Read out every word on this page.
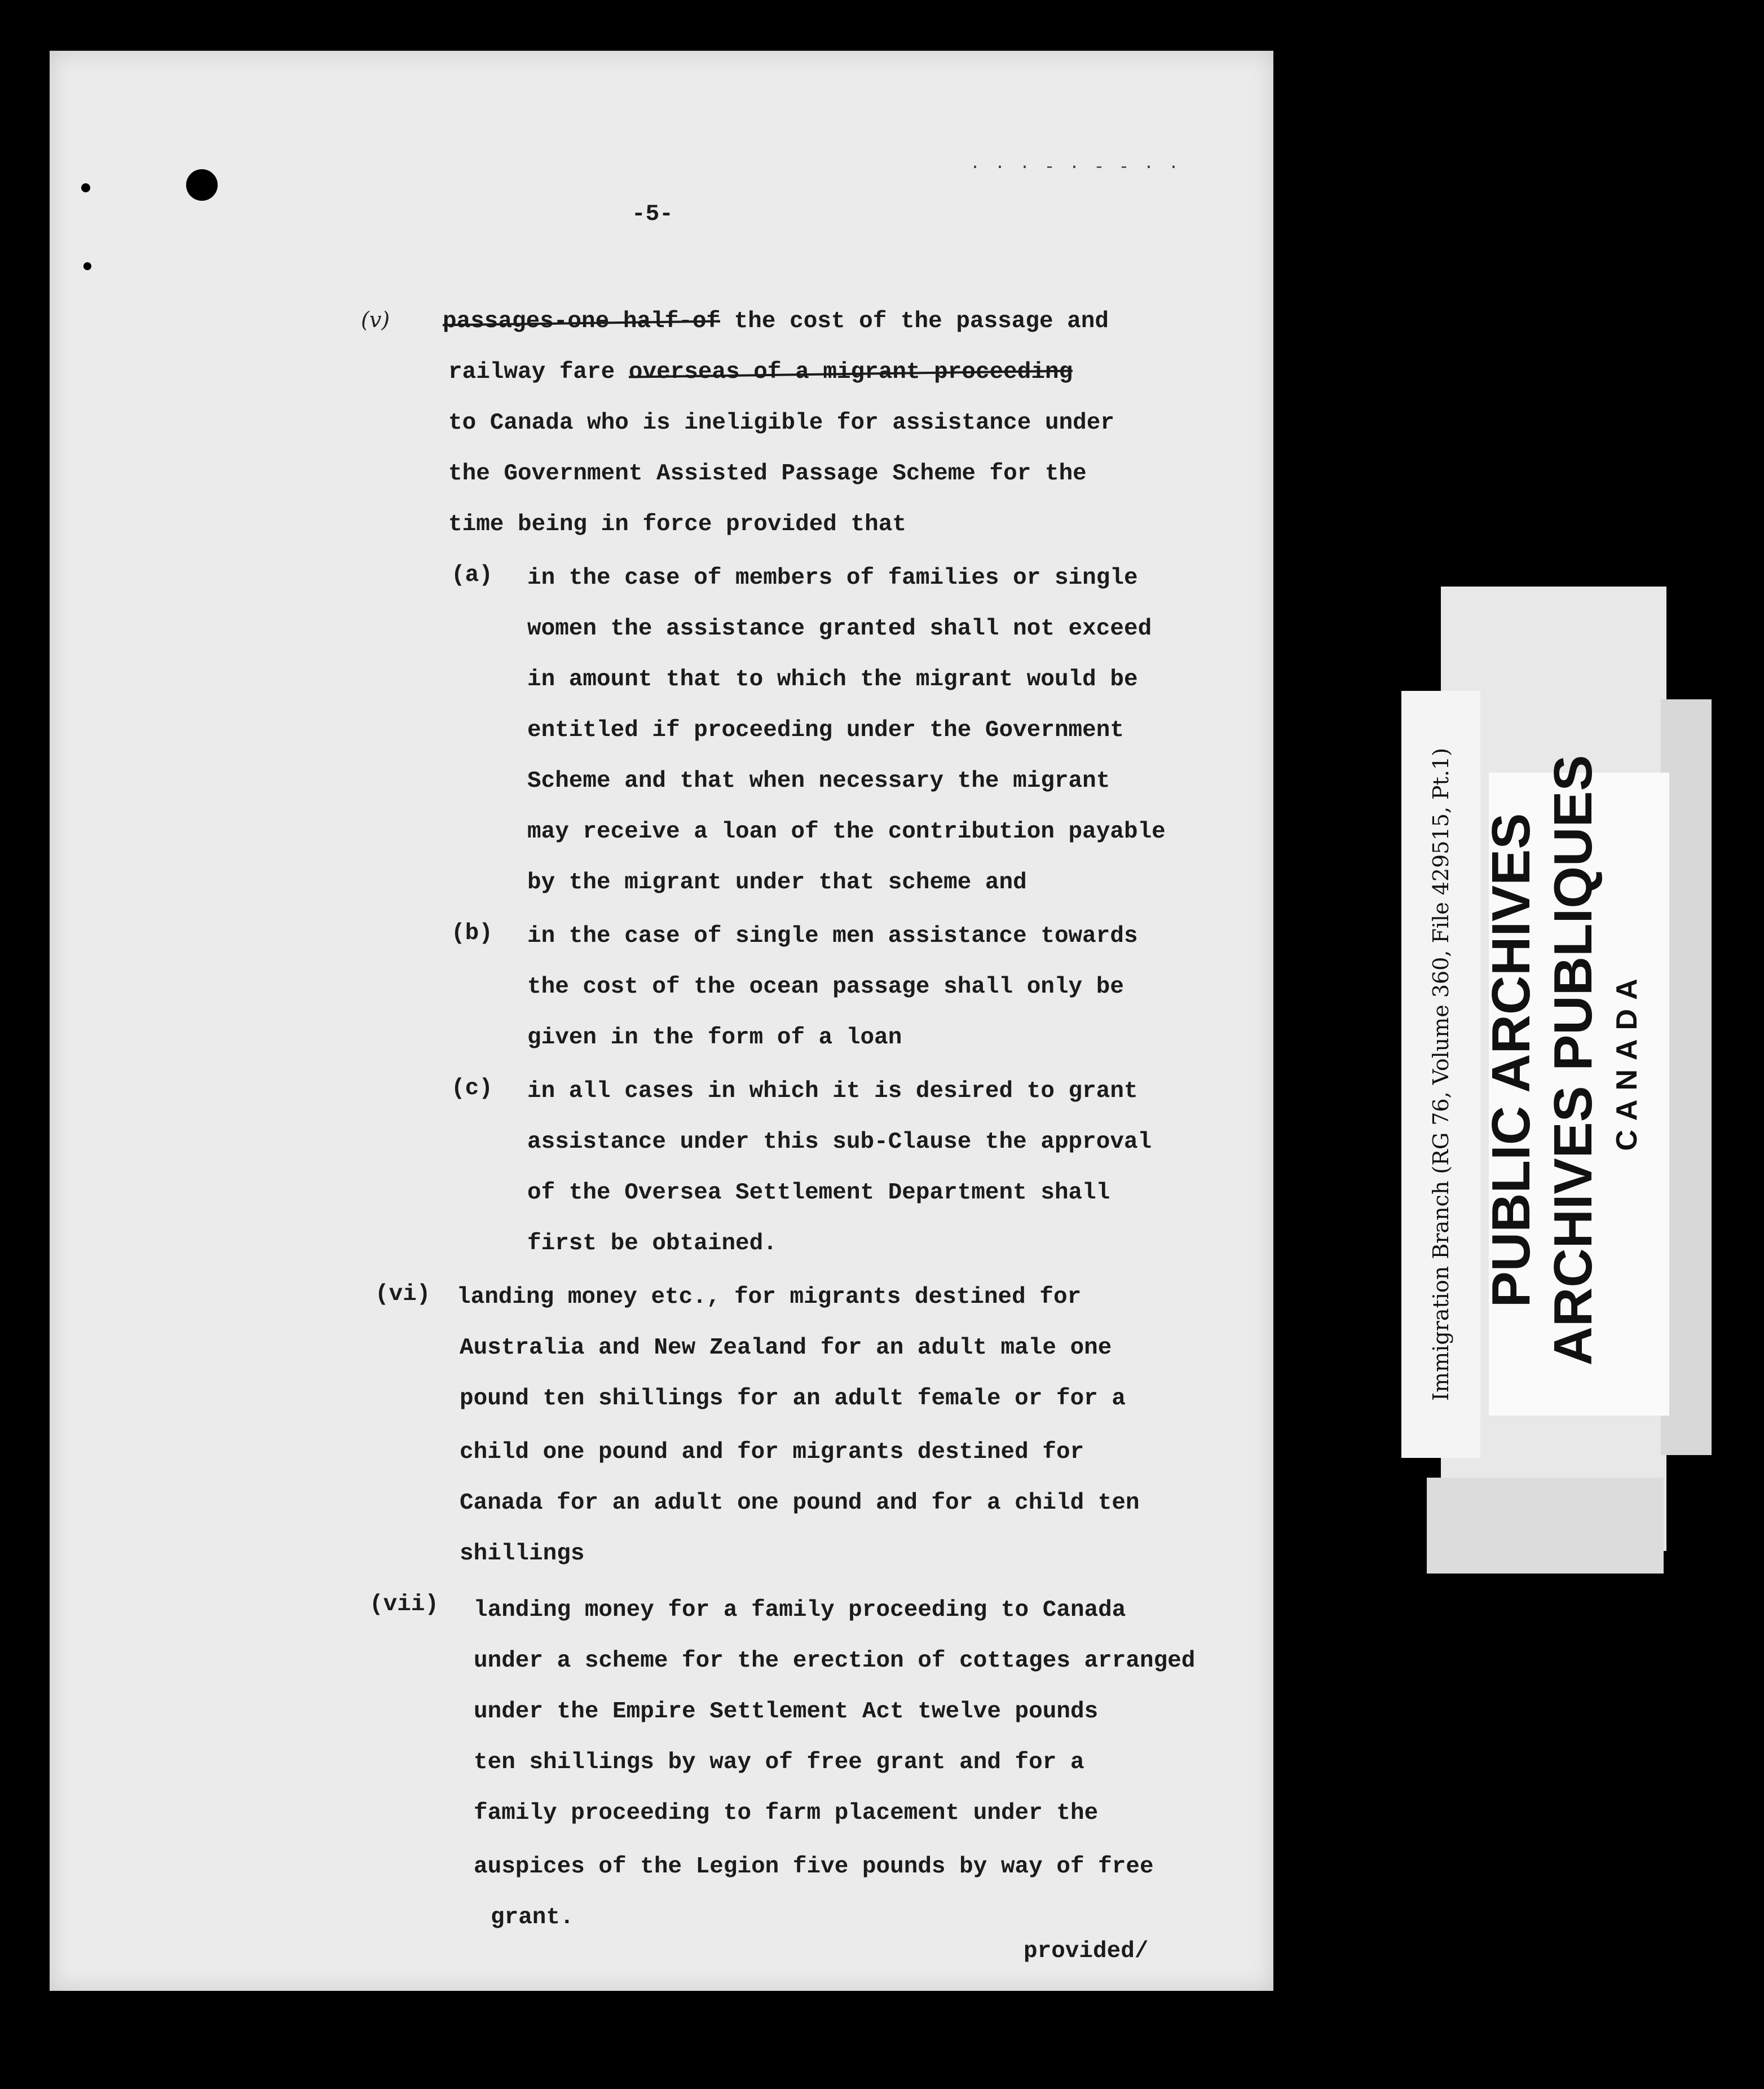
· · · - · - - · ·
-5-
(v) passages-one half-of the cost of the passage and
railway fare overseas of a migrant proceeding
to Canada who is ineligible for assistance under
the Government Assisted Passage Scheme for the
time being in force provided that
(a) in the case of members of families or single
women the assistance granted shall not exceed
in amount that to which the migrant would be
entitled if proceeding under the Government
Scheme and that when necessary the migrant
may receive a loan of the contribution payable
by the migrant under that scheme and
(b) in the case of single men assistance towards
the cost of the ocean passage shall only be
given in the form of a loan
(c) in all cases in which it is desired to grant
assistance under this sub-Clause the approval
of the Oversea Settlement Department shall
first be obtained.
(vi) landing money etc., for migrants destined for
Australia and New Zealand for an adult male one
pound ten shillings for an adult female or for a
child one pound and for migrants destined for
Canada for an adult one pound and for a child ten
shillings
(vii) landing money for a family proceeding to Canada
under a scheme for the erection of cottages arranged
under the Empire Settlement Act twelve pounds
ten shillings by way of free grant and for a
family proceeding to farm placement under the
auspices of the Legion five pounds by way of free
grant.
provided/
Immigration Branch (RG 76, Volume 360, File 429515, Pt.1) PUBLIC ARCHIVES ARCHIVES PUBLIQUES CANADA
